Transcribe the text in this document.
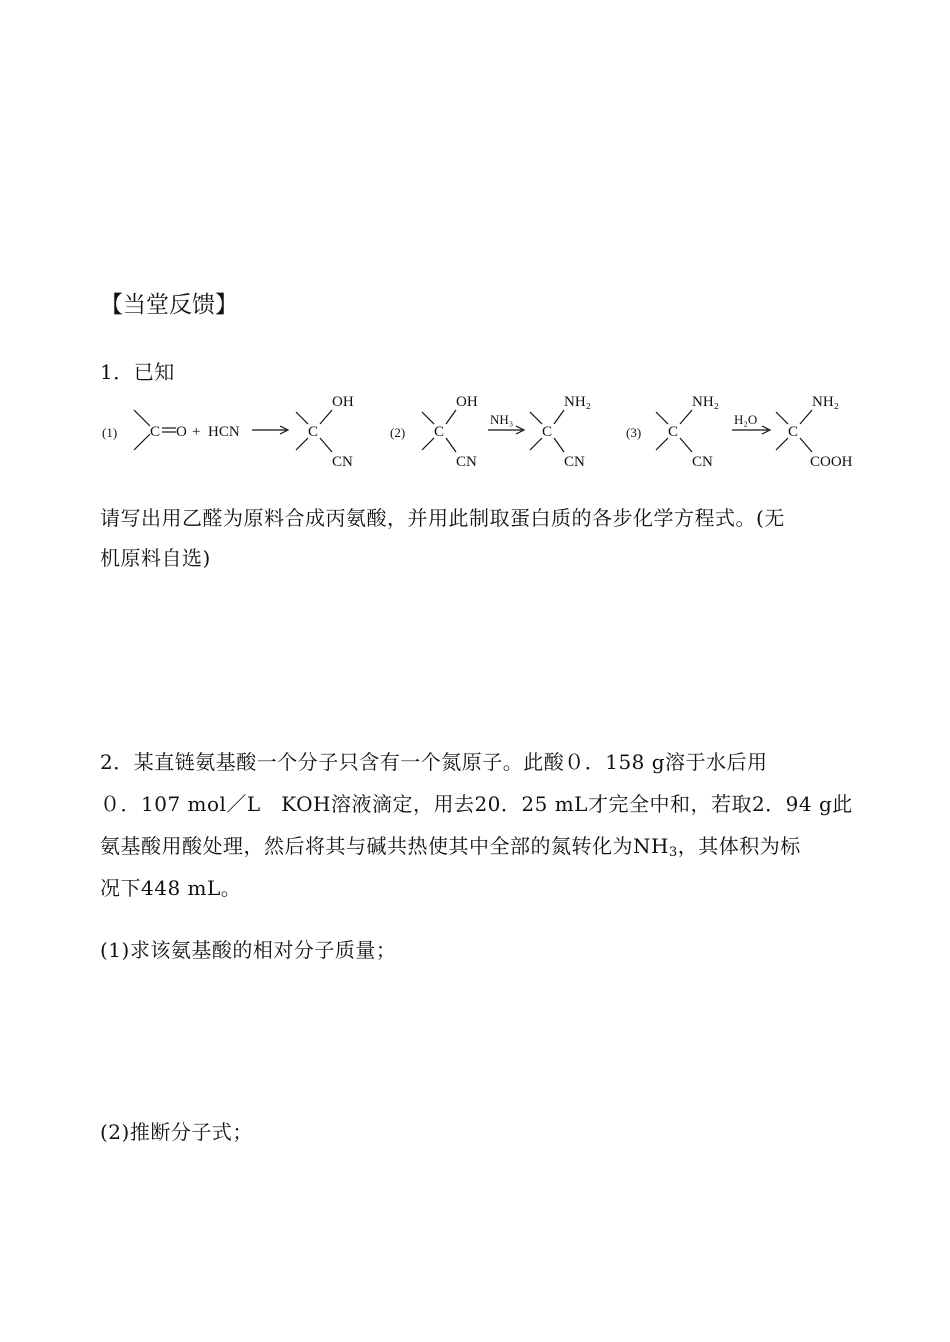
【当堂反馈】
1．已知
(1) C O + HCN
OH
C
CN
(2)
OH
C
CN
NH₃
NH₂
C
CN
(3)
NH₂
C
CN
H₂O
NH₂
C
COOH
请写出用乙醛为原料合成丙氨酸，并用此制取蛋白质的各步化学方程式。(无
机原料自选)
2．某直链氨基酸一个分子只含有一个氮原子。此酸０．158 g溶于水后用
０．107 mol／L　KOH溶液滴定，用去20．25 mL才完全中和，若取2．94 g此
氨基酸用酸处理，然后将其与碱共热使其中全部的氮转化为$NH_3$，其体积为标
况下448 mL。
(1)求该氨基酸的相对分子质量；
(2)推断分子式；
